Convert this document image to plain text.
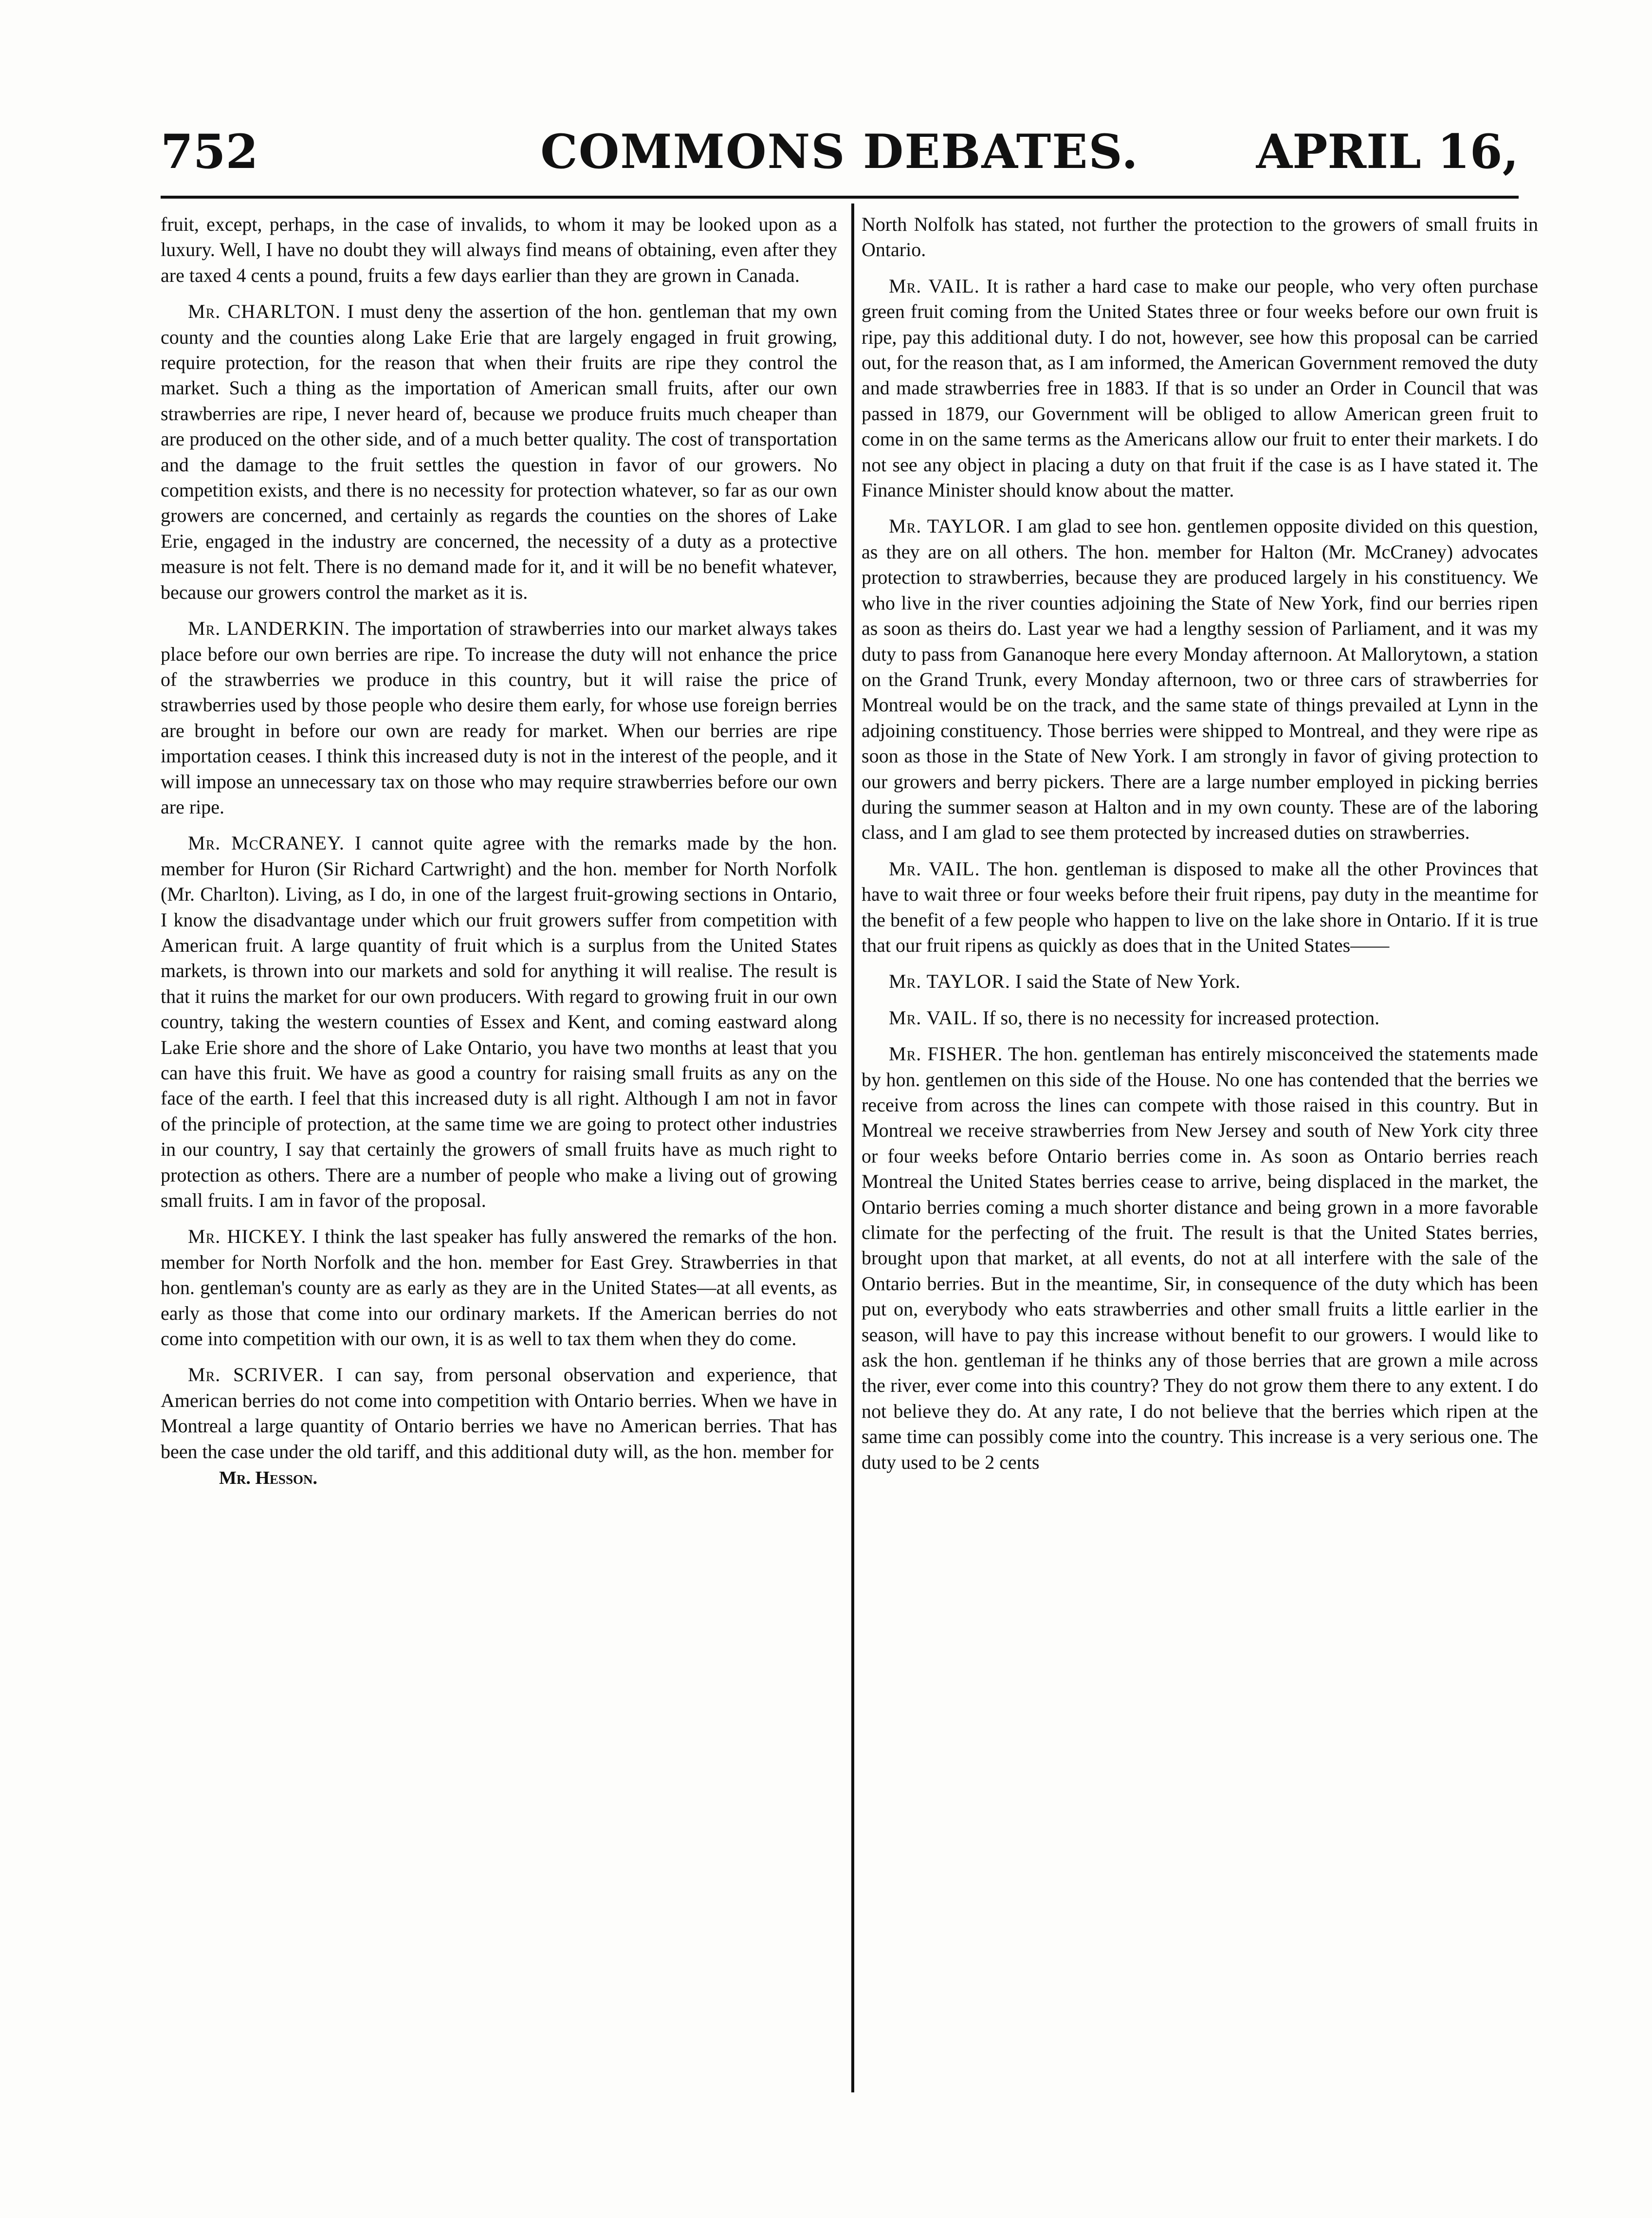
752	COMMONS DEBATES.	APRIL 16,

fruit, except, perhaps, in the case of invalids, to whom it may be looked upon as a luxury. Well, I have no doubt they will always find means of obtaining, even after they are taxed 4 cents a pound, fruits a few days earlier than they are grown in Canada.

Mr. CHARLTON. I must deny the assertion of the hon. gentleman that my own county and the counties along Lake Erie that are largely engaged in fruit growing, require protection, for the reason that when their fruits are ripe they control the market. Such a thing as the importation of American small fruits, after our own strawberries are ripe, I never heard of, because we produce fruits much cheaper than are produced on the other side, and of a much better quality. The cost of transportation and the damage to the fruit settles the question in favor of our growers. No competition exists, and there is no necessity for protection whatever, so far as our own growers are concerned, and certainly as regards the counties on the shores of Lake Erie, engaged in the industry are concerned, the necessity of a duty as a protective measure is not felt. There is no demand made for it, and it will be no benefit whatever, because our growers control the market as it is.

Mr. LANDERKIN. The importation of strawberries into our market always takes place before our own berries are ripe. To increase the duty will not enhance the price of the strawberries we produce in this country, but it will raise the price of strawberries used by those people who desire them early, for whose use foreign berries are brought in before our own are ready for market. When our berries are ripe importation ceases. I think this increased duty is not in the interest of the people, and it will impose an unnecessary tax on those who may require strawberries before our own are ripe.

Mr. McCRANEY. I cannot quite agree with the remarks made by the hon. member for Huron (Sir Richard Cartwright) and the hon. member for North Norfolk (Mr. Charlton). Living, as I do, in one of the largest fruit-growing sections in Ontario, I know the disadvantage under which our fruit growers suffer from competition with American fruit. A large quantity of fruit which is a surplus from the United States markets, is thrown into our markets and sold for anything it will realise. The result is that it ruins the market for our own producers. With regard to growing fruit in our own country, taking the western counties of Essex and Kent, and coming eastward along Lake Erie shore and the shore of Lake Ontario, you have two months at least that you can have this fruit. We have as good a country for raising small fruits as any on the face of the earth. I feel that this increased duty is all right. Although I am not in favor of the principle of protection, at the same time we are going to protect other industries in our country, I say that certainly the growers of small fruits have as much right to protection as others. There are a number of people who make a living out of growing small fruits. I am in favor of the proposal.

Mr. HICKEY. I think the last speaker has fully answered the remarks of the hon. member for North Norfolk and the hon. member for East Grey. Strawberries in that hon. gentleman's county are as early as they are in the United States—at all events, as early as those that come into our ordinary markets. If the American berries do not come into competition with our own, it is as well to tax them when they do come.

Mr. SCRIVER. I can say, from personal observation and experience, that American berries do not come into competition with Ontario berries. When we have in Montreal a large quantity of Ontario berries we have no American berries. That has been the case under the old tariff, and this additional duty will, as the hon. member for

Mr. Hesson.

North Nolfolk has stated, not further the protection to the growers of small fruits in Ontario.

Mr. VAIL. It is rather a hard case to make our people, who very often purchase green fruit coming from the United States three or four weeks before our own fruit is ripe, pay this additional duty. I do not, however, see how this proposal can be carried out, for the reason that, as I am informed, the American Government removed the duty and made strawberries free in 1883. If that is so under an Order in Council that was passed in 1879, our Government will be obliged to allow American green fruit to come in on the same terms as the Americans allow our fruit to enter their markets. I do not see any object in placing a duty on that fruit if the case is as I have stated it. The Finance Minister should know about the matter.

Mr. TAYLOR. I am glad to see hon. gentlemen opposite divided on this question, as they are on all others. The hon. member for Halton (Mr. McCraney) advocates protection to strawberries, because they are produced largely in his constituency. We who live in the river counties adjoining the State of New York, find our berries ripen as soon as theirs do. Last year we had a lengthy session of Parliament, and it was my duty to pass from Gananoque here every Monday afternoon. At Mallorytown, a station on the Grand Trunk, every Monday afternoon, two or three cars of strawberries for Montreal would be on the track, and the same state of things prevailed at Lynn in the adjoining constituency. Those berries were shipped to Montreal, and they were ripe as soon as those in the State of New York. I am strongly in favor of giving protection to our growers and berry pickers. There are a large number employed in picking berries during the summer season at Halton and in my own county. These are of the laboring class, and I am glad to see them protected by increased duties on strawberries.

Mr. VAIL. The hon. gentleman is disposed to make all the other Provinces that have to wait three or four weeks before their fruit ripens, pay duty in the meantime for the benefit of a few people who happen to live on the lake shore in Ontario. If it is true that our fruit ripens as quickly as does that in the United States——

Mr. TAYLOR. I said the State of New York.

Mr. VAIL. If so, there is no necessity for increased protection.

Mr. FISHER. The hon. gentleman has entirely misconceived the statements made by hon. gentlemen on this side of the House. No one has contended that the berries we receive from across the lines can compete with those raised in this country. But in Montreal we receive strawberries from New Jersey and south of New York city three or four weeks before Ontario berries come in. As soon as Ontario berries reach Montreal the United States berries cease to arrive, being displaced in the market, the Ontario berries coming a much shorter distance and being grown in a more favorable climate for the perfecting of the fruit. The result is that the United States berries, brought upon that market, at all events, do not at all interfere with the sale of the Ontario berries. But in the meantime, Sir, in consequence of the duty which has been put on, everybody who eats strawberries and other small fruits a little earlier in the season, will have to pay this increase without benefit to our growers. I would like to ask the hon. gentleman if he thinks any of those berries that are grown a mile across the river, ever come into this country? They do not grow them there to any extent. I do not believe they do. At any rate, I do not believe that the berries which ripen at the same time can possibly come into the country. This increase is a very serious one. The duty used to be 2 cents
